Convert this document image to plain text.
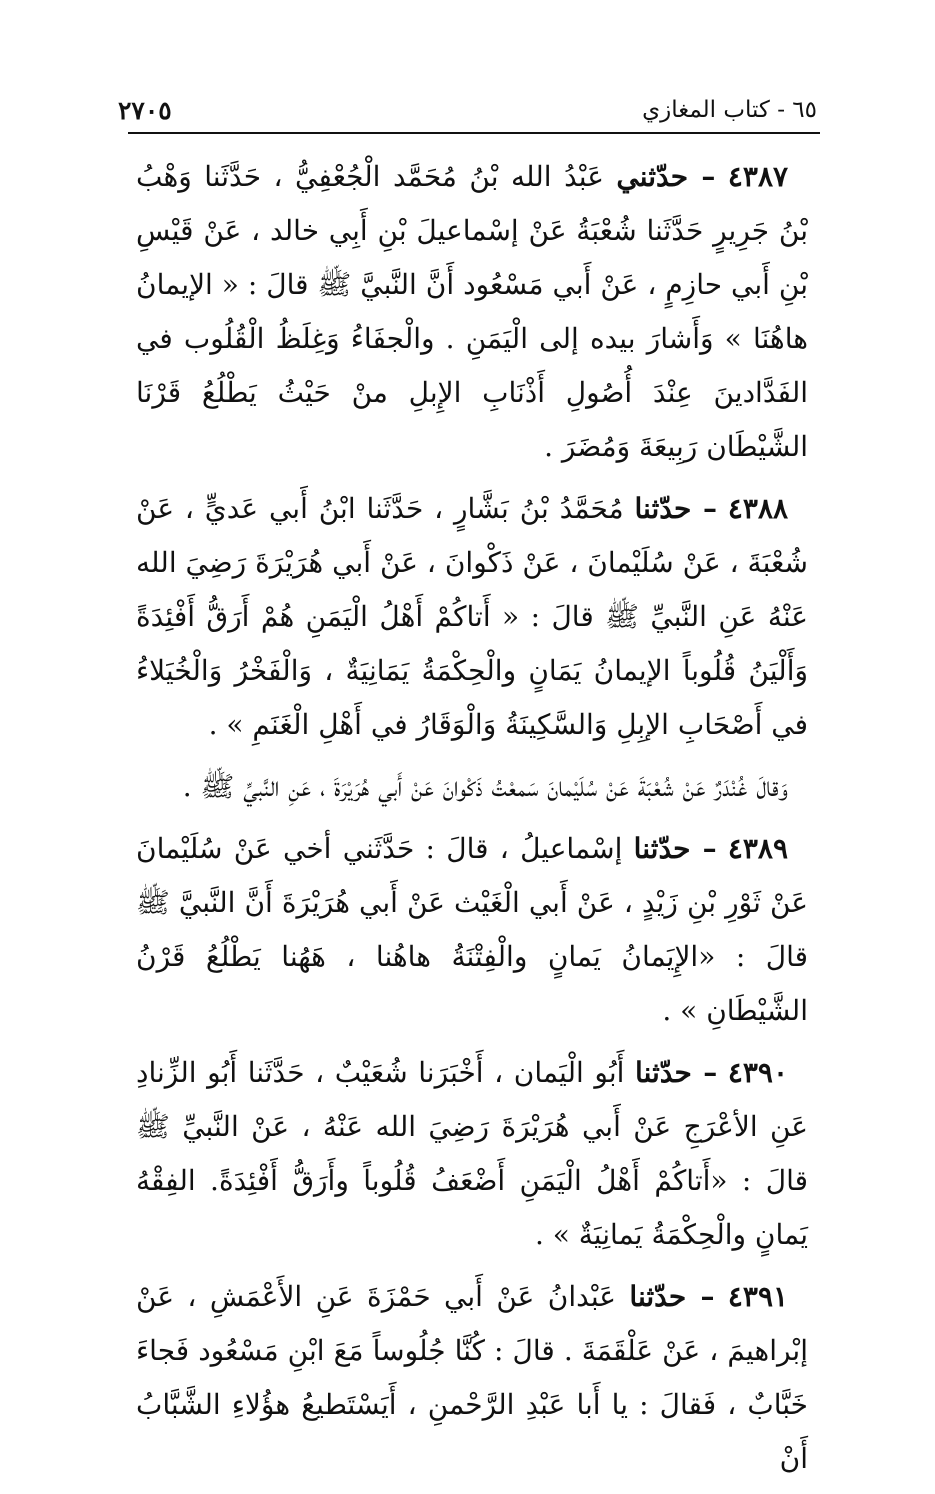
٦٥ - كتاب المغازي
٢٧٠٥

٤٣٨٧ – حدّثني عَبْدُ الله بْنُ مُحَمَّد الْجُعْفِيُّ ، حَدَّثَنا وَهْبُ بْنُ جَرِيرٍ حَدَّثَنا شُعْبَةُ عَنْ إسْماعيلَ بْنِ أَبِي خالد ، عَنْ قَيْسِ بْنِ أَبي حازِمٍ ، عَنْ أَبي مَسْعُود أَنَّ النَّبيَّ ﷺ قالَ : « الإيمانُ هاهُنَا » وَأَشارَ بيده إلى الْيَمَنِ . والْجفَاءُ وَغِلَظُ الْقُلُوب في الفَدَّادينَ عِنْدَ أُصُولِ أَذْنَابِ الإِبلِ منْ حَيْثُ يَطْلُعُ قَرْنَا الشَّيْطَان رَبِيعَةَ وَمُضَرَ .

٤٣٨٨ – حدّثنا مُحَمَّدُ بْنُ بَشَّارٍ ، حَدَّثَنا ابْنُ أَبي عَديٍّ ، عَنْ شُعْبَةَ ، عَنْ سُلَيْمانَ ، عَنْ ذَكْوانَ ، عَنْ أَبي هُرَيْرَةَ رَضِيَ الله عَنْهُ عَنِ النَّبيِّ ﷺ قالَ : « أَتاكُمْ أَهْلُ الْيَمَنِ هُمْ أَرَقُّ أَفْئِدَةً وَأَلْيَنُ قُلُوباً الإيمانُ يَمَانٍ والْحِكْمَةُ يَمَانِيَةٌ ، وَالْفَخْرُ وَالْخُيَلاءُ في أَصْحَابِ الإبِلِ وَالسَّكِينَةُ وَالْوَقَارُ في أَهْلِ الْغَنَمِ » .

وَقالَ غُنْدَرٌ عَنْ شُعْبَةَ عَنْ سُلَيْمانَ سَمعْتُ ذَكْوانَ عَنْ أَبي هُرَيْرَةَ ، عَنِ النَّبيِّ ﷺ .

٤٣٨٩ – حدّثنا إسْماعيلُ ، قالَ : حَدَّثَني أخي عَنْ سُلَيْمانَ عَنْ ثَوْرِ بْنِ زَيْدٍ ، عَنْ أَبي الْغَيْث عَنْ أَبي هُرَيْرَةَ أَنَّ النَّبيَّ ﷺ قالَ : «الإِيَمانُ يَمانٍ والْفِتْنَةُ هاهُنا ، هَهُنا يَطْلُعُ قَرْنُ الشَّيْطَانِ » .

٤٣٩٠ – حدّثنا أَبُو الْيَمان ، أَخْبَرَنا شُعَيْبٌ ، حَدَّثَنا أَبُو الزِّنادِ عَنِ الأعْرَجِ عَنْ أَبي هُرَيْرَةَ رَضِيَ الله عَنْهُ ، عَنْ النَّبيِّ ﷺ قالَ : «أَتاكُمْ أَهْلُ الْيَمَنِ أَضْعَفُ قُلُوباً وأَرَقُّ أَفْئِدَةً. الفِقْهُ يَمانٍ والْحِكْمَةُ يَمانِيَةٌ » .

٤٣٩١ – حدّثنا عَبْدانُ عَنْ أَبي حَمْزَةَ عَنِ الأَعْمَشِ ، عَنْ إبْراهيمَ ، عَنْ عَلْقَمَةَ . قالَ : كُنَّا جُلُوساً مَعَ ابْنِ مَسْعُود فَجاءَ خَبَّابٌ ، فَقالَ : يا أَبا عَبْدِ الرَّحْمنِ ، أَيَسْتَطيعُ هؤُلاءِ الشَّبَّابُ أَنْ
